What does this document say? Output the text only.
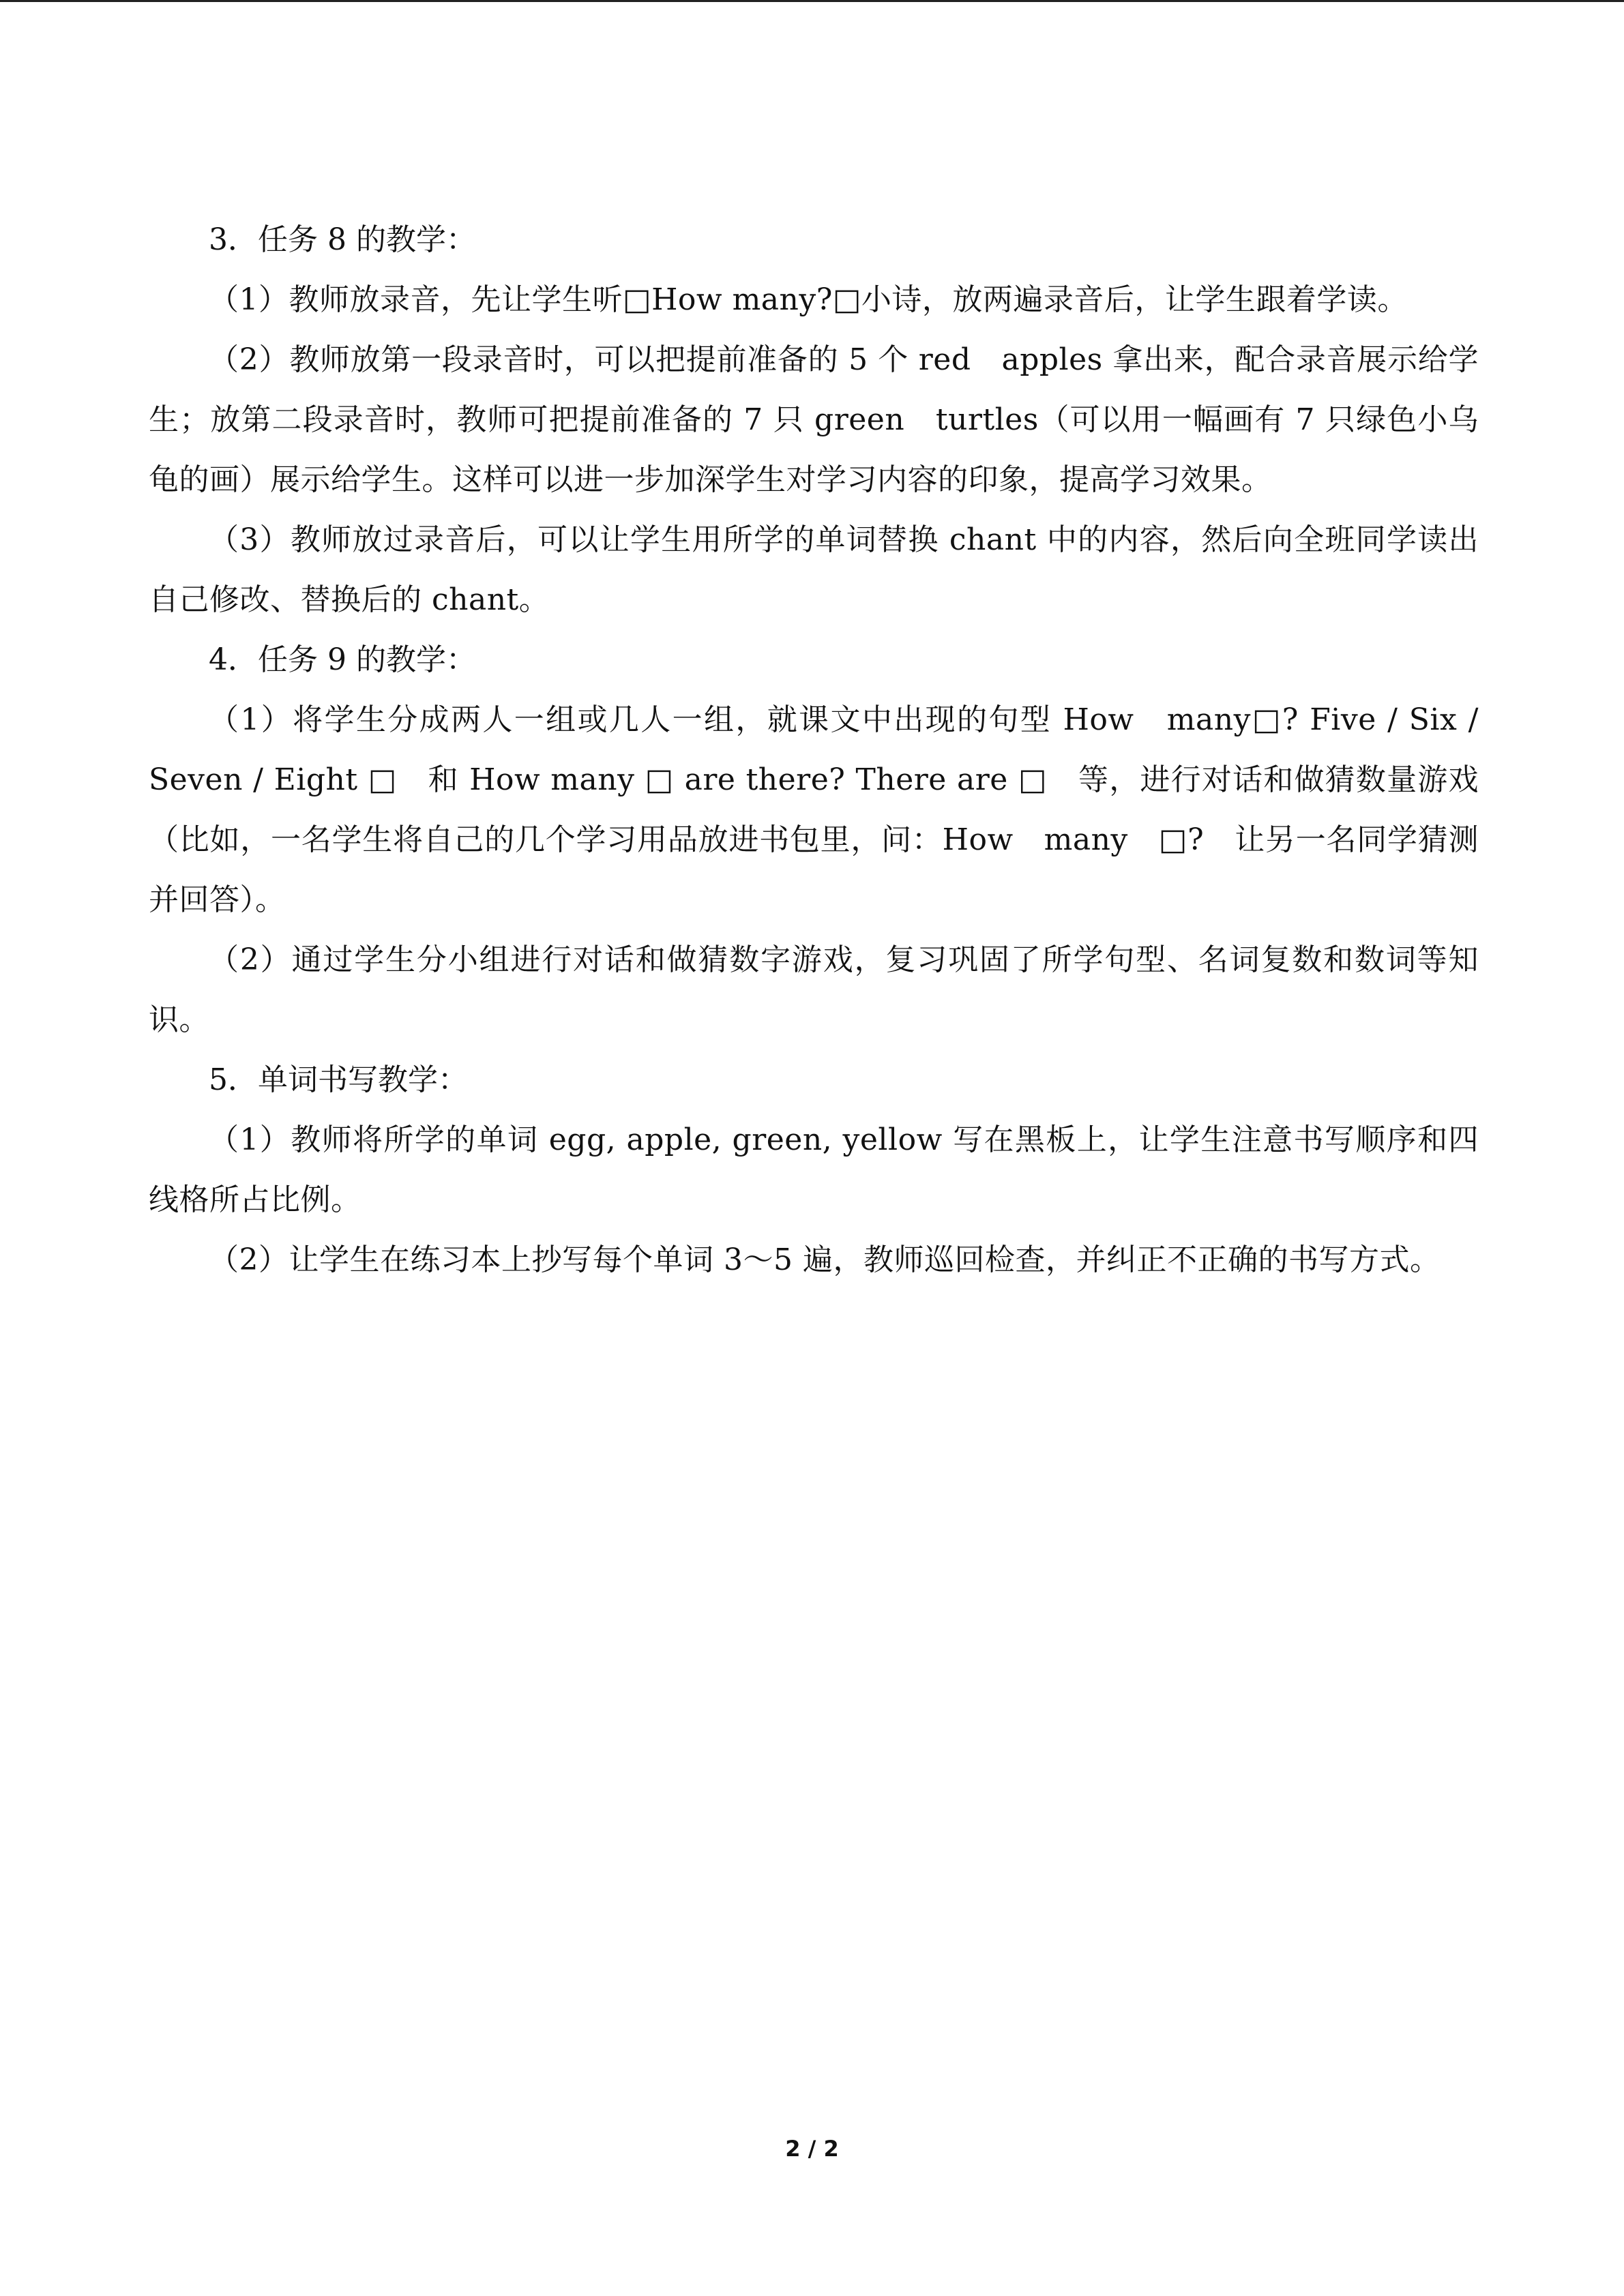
3．任务 8 的教学：

（1）教师放录音，先让学生听□How many?□小诗，放两遍录音后，让学生跟着学读。

（2）教师放第一段录音时，可以把提前准备的 5 个 red　apples 拿出来，配合录音展示给学生；放第二段录音时，教师可把提前准备的 7 只 green　turtles（可以用一幅画有 7 只绿色小乌龟的画）展示给学生。这样可以进一步加深学生对学习内容的印象，提高学习效果。

（3）教师放过录音后，可以让学生用所学的单词替换 chant 中的内容，然后向全班同学读出自己修改、替换后的 chant。

4．任务 9 的教学：

（1）将学生分成两人一组或几人一组，就课文中出现的句型 How　many□? Five / Six / Seven / Eight □　和 How many □ are there? There are □　等，进行对话和做猜数量游戏（比如，一名学生将自己的几个学习用品放进书包里，问：How　many　□?　让另一名同学猜测并回答）。

（2）通过学生分小组进行对话和做猜数字游戏，复习巩固了所学句型、名词复数和数词等知识。

5．单词书写教学：

（1）教师将所学的单词 egg, apple, green, yellow 写在黑板上，让学生注意书写顺序和四线格所占比例。

（2）让学生在练习本上抄写每个单词 3～5 遍，教师巡回检查，并纠正不正确的书写方式。

2 / 2
